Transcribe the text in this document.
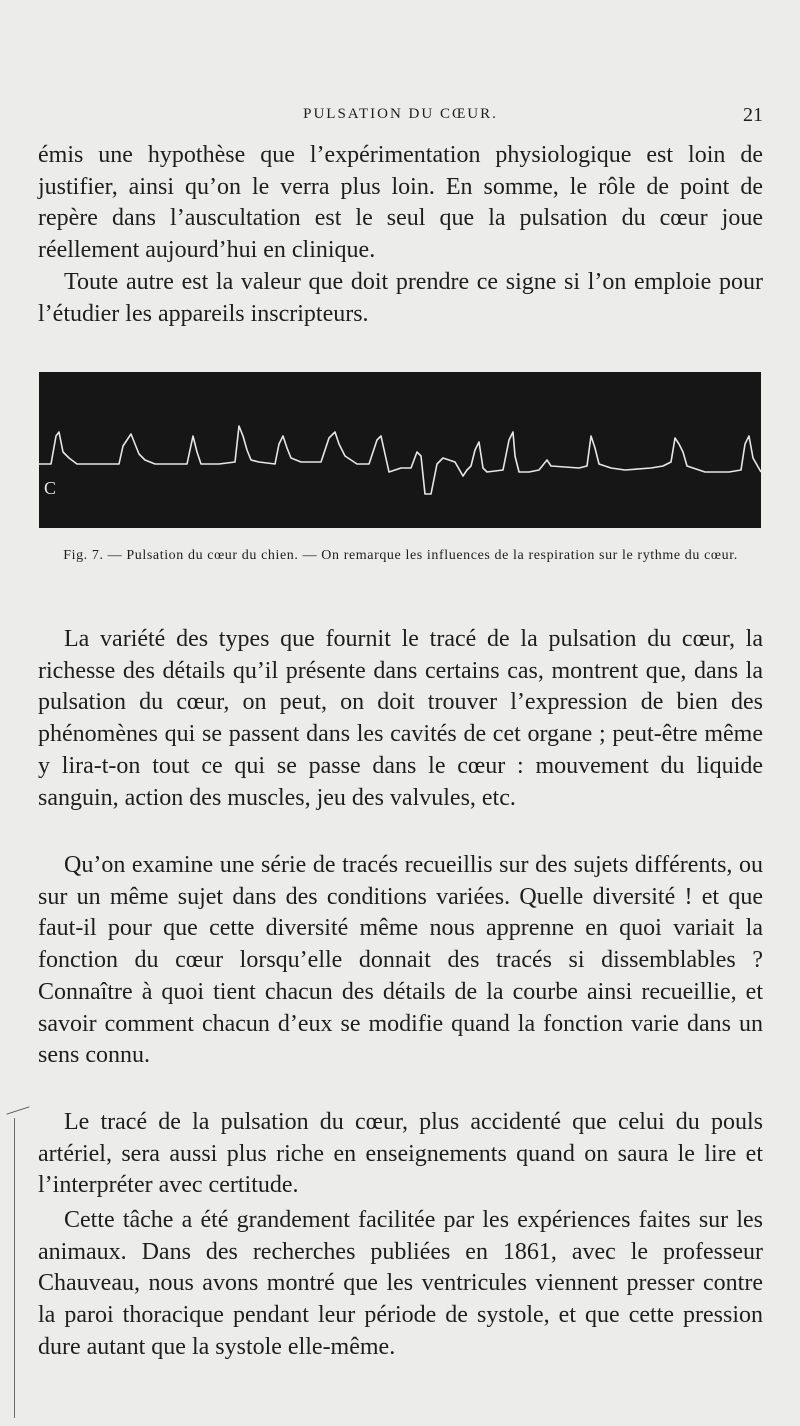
PULSATION DU CŒUR.	21

émis une hypothèse que l’expérimentation physiologique est loin de justifier, ainsi qu’on le verra plus loin. En somme, le rôle de point de repère dans l’auscultation est le seul que la pulsation du cœur joue réellement aujourd’hui en clinique.

Toute autre est la valeur que doit prendre ce signe si l’on emploie pour l’étudier les appareils inscripteurs.

C

Fig. 7. — Pulsation du cœur du chien. — On remarque les influences de la respiration sur le rythme du cœur.

La variété des types que fournit le tracé de la pulsation du cœur, la richesse des détails qu’il présente dans certains cas, montrent que, dans la pulsation du cœur, on peut, on doit trouver l’expression de bien des phénomènes qui se passent dans les cavités de cet organe ; peut-être même y lira-t-on tout ce qui se passe dans le cœur : mouvement du liquide sanguin, action des muscles, jeu des valvules, etc.

Qu’on examine une série de tracés recueillis sur des sujets différents, ou sur un même sujet dans des conditions variées. Quelle diversité ! et que faut-il pour que cette diversité même nous apprenne en quoi variait la fonction du cœur lorsqu’elle donnait des tracés si dissemblables ? Connaître à quoi tient chacun des détails de la courbe ainsi recueillie, et savoir comment chacun d’eux se modifie quand la fonction varie dans un sens connu.

Le tracé de la pulsation du cœur, plus accidenté que celui du pouls artériel, sera aussi plus riche en enseignements quand on saura le lire et l’interpréter avec certitude.

Cette tâche a été grandement facilitée par les expériences faites sur les animaux. Dans des recherches publiées en 1861, avec le professeur Chauveau, nous avons montré que les ventricules viennent presser contre la paroi thoracique pendant leur période de systole, et que cette pression dure autant que la systole elle-même.
